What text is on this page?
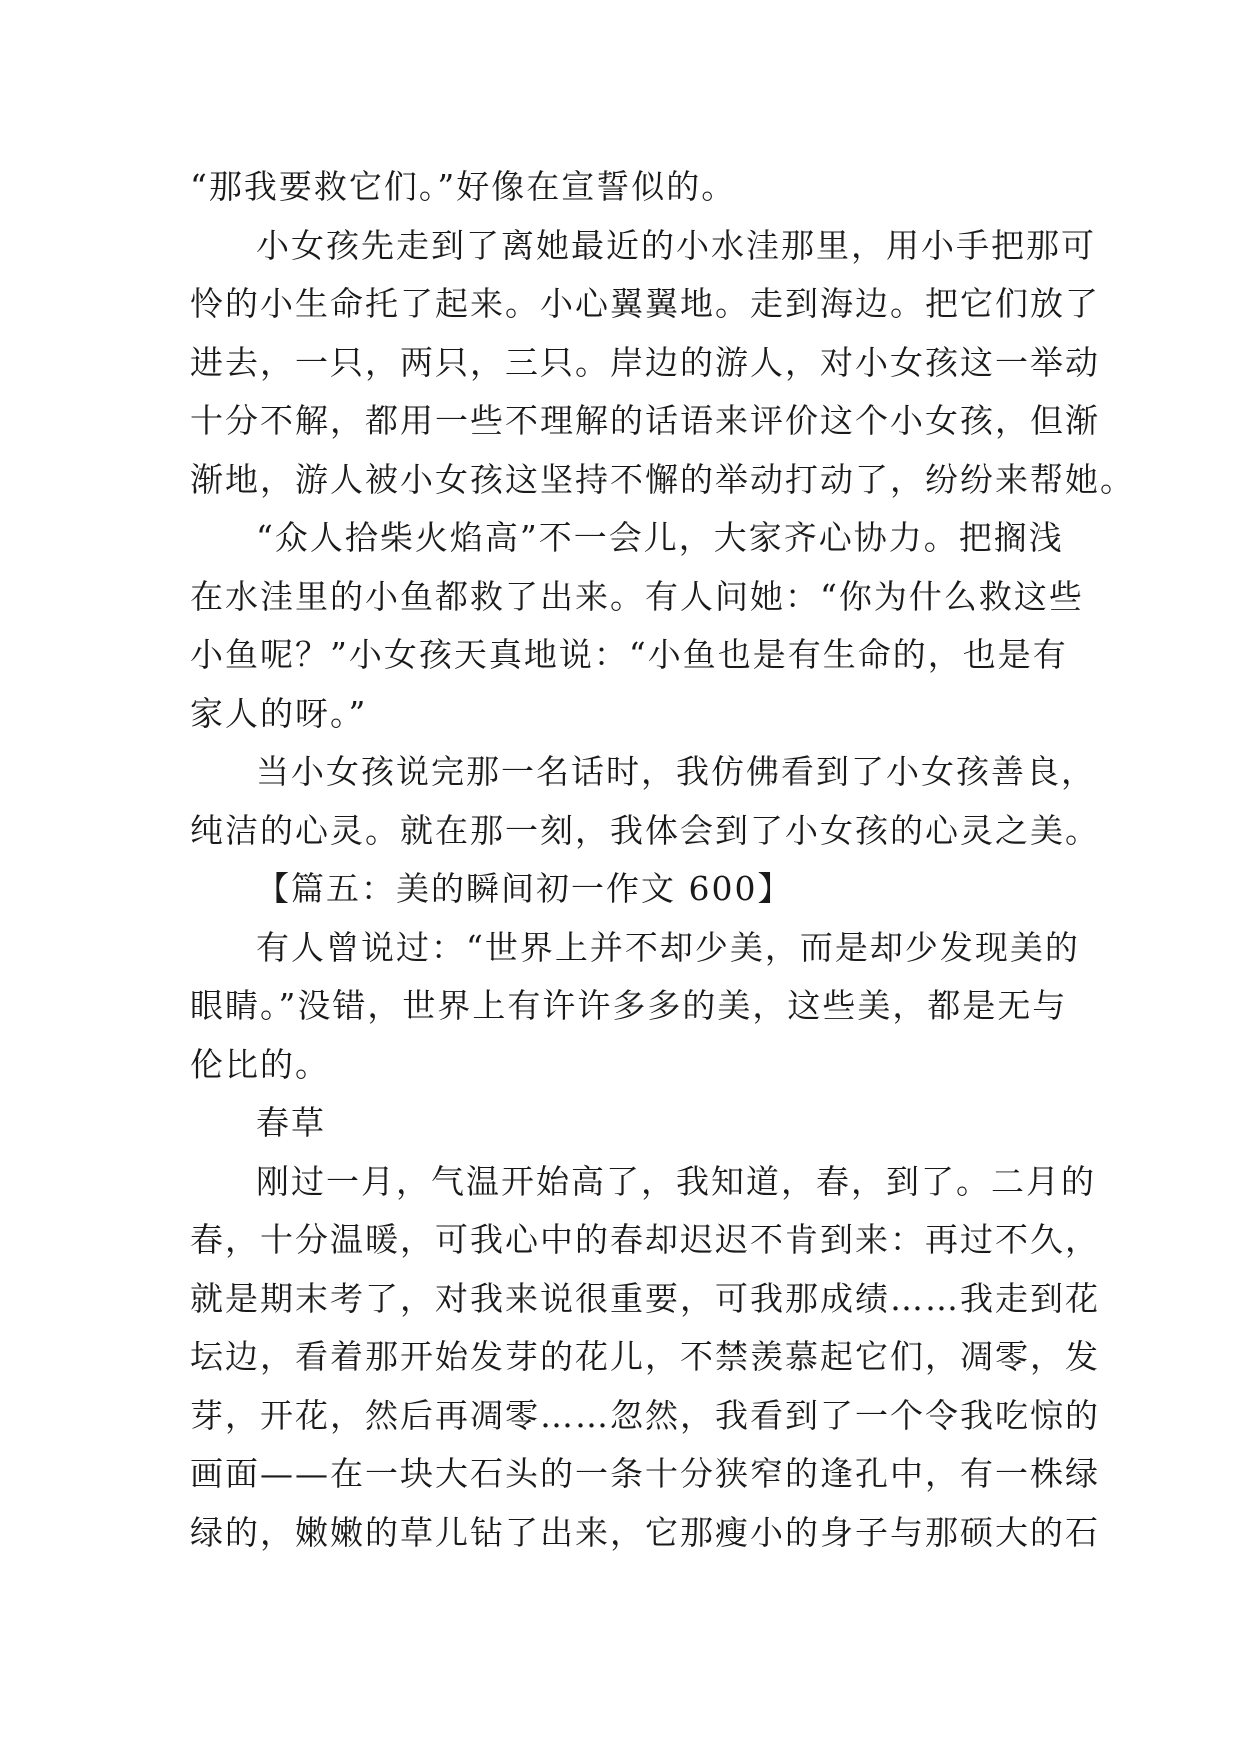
“那我要救它们。”好像在宣誓似的。

小女孩先走到了离她最近的小水洼那里，用小手把那可
怜的小生命托了起来。小心翼翼地。走到海边。把它们放了
进去，一只，两只，三只。岸边的游人，对小女孩这一举动
十分不解，都用一些不理解的话语来评价这个小女孩，但渐
渐地，游人被小女孩这坚持不懈的举动打动了，纷纷来帮她。

“众人拾柴火焰高”不一会儿，大家齐心协力。把搁浅
在水洼里的小鱼都救了出来。有人问她：“你为什么救这些
小鱼呢？”小女孩天真地说：“小鱼也是有生命的，也是有
家人的呀。”

当小女孩说完那一名话时，我仿佛看到了小女孩善良，
纯洁的心灵。就在那一刻，我体会到了小女孩的心灵之美。

【篇五：美的瞬间初一作文 600】

有人曾说过：“世界上并不却少美，而是却少发现美的
眼睛。”没错，世界上有许许多多的美，这些美，都是无与
伦比的。

春草

刚过一月，气温开始高了，我知道，春，到了。二月的
春，十分温暖，可我心中的春却迟迟不肯到来：再过不久，
就是期末考了，对我来说很重要，可我那成绩……我走到花
坛边，看着那开始发芽的花儿，不禁羡慕起它们，凋零，发
芽，开花，然后再凋零……忽然，我看到了一个令我吃惊的
画面——在一块大石头的一条十分狭窄的逢孔中，有一株绿
绿的，嫩嫩的草儿钻了出来，它那瘦小的身子与那硕大的石
